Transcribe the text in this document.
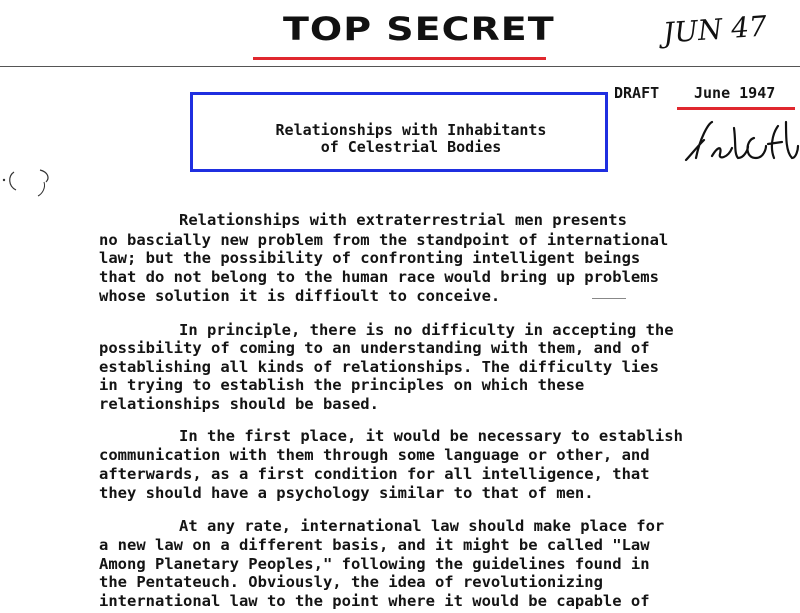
TOP SECRET	JUN 47
DRAFT June 1947
Relationships with Inhabitants
of Celestrial Bodies
Relationships with extraterrestrial men presents
no bascially new problem from the standpoint of international
law; but the possibility of confronting intelligent beings
that do not belong to the human race would bring up problems
whose solution it is diffioult to conceive.
In principle, there is no difficulty in accepting the
possibility of coming to an understanding with them, and of
establishing all kinds of relationships. The difficulty lies
in trying to establish the principles on which these
relationships should be based.
In the first place, it would be necessary to establish
communication with them through some language or other, and
afterwards, as a first condition for all intelligence, that
they should have a psychology similar to that of men.
At any rate, international law should make place for
a new law on a different basis, and it might be called "Law
Among Planetary Peoples," following the guidelines found in
the Pentateuch. Obviously, the idea of revolutionizing
international law to the point where it would be capable of
